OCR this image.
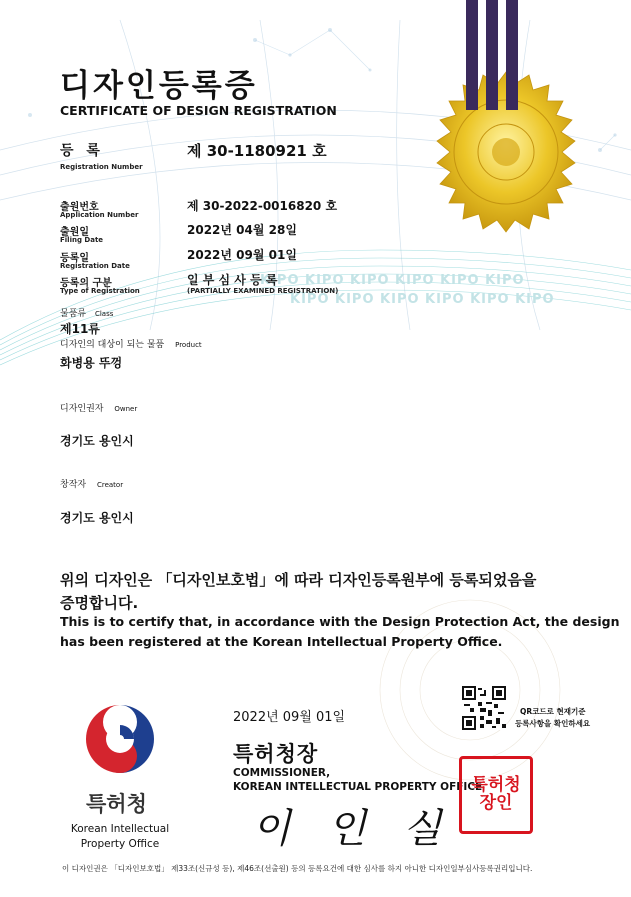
KIPO KIPO KIPO KIPO KIPO KIPO
KIPO KIPO KIPO KIPO KIPO KIPO
디자인등록증
CERTIFICATE OF DESIGN REGISTRATION
등 록
Registration Number
제 30-1180921 호
출원번호
Application Number
제 30-2022-0016820 호
출원일
Filing Date
2022년 04월 28일
등록일
Registration Date
2022년 09월 01일
등록의 구분
Type of Registration
일 부 심 사 등 록
(PARTIALLY EXAMINED REGISTRATION)
물품류 Class
제11류
디자인의 대상이 되는 물품 Product
화병용 뚜껑
디자인권자 Owner
경기도 용인시
창작자 Creator
경기도 용인시
위의 디자인은 「디자인보호법」에 따라 디자인등록원부에 등록되었음을
증명합니다.
This is to certify that, in accordance with the Design Protection Act, the design
has been registered at the Korean Intellectual Property Office.
특허청
Korean Intellectual
Property Office
2022년 09월 01일	QR코드로 현재기준
등록사항을 확인하세요
특허청장
COMMISSIONER,
KOREAN INTELLECTUAL PROPERTY OFFICE
이 인 실
특허청장인
이 디자인권은 「디자인보호법」 제33조(신규성 등), 제46조(선출원) 등의 등록요건에 대한 심사를 하지 아니한 디자인일부심사등록권리입니다.
